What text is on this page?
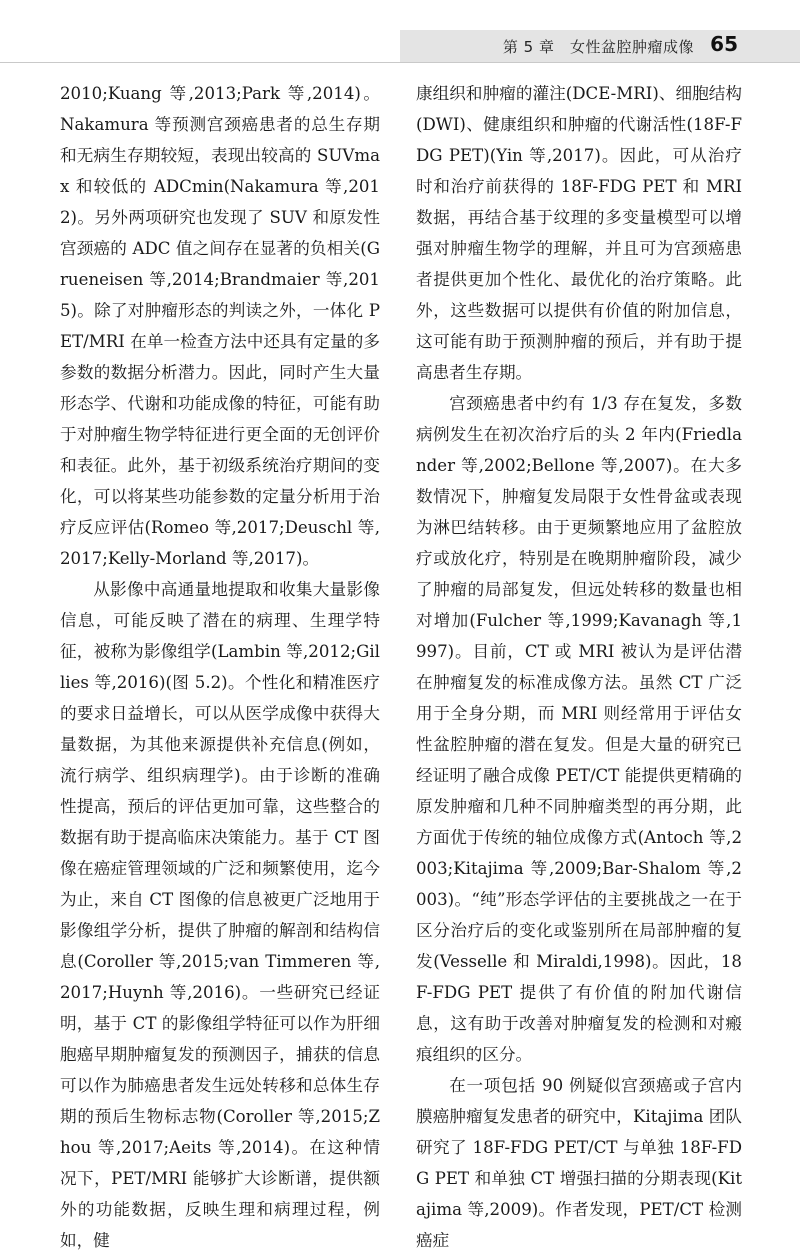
第 5 章　女性盆腔肿瘤成像 65

2010;Kuang 等,2013;Park 等,2014)。Nakamura 等预测宫颈癌患者的总生存期和无病生存期较短，表现出较高的 SUVmax 和较低的 ADCmin(Nakamura 等,2012)。另外两项研究也发现了 SUV 和原发性宫颈癌的 ADC 值之间存在显著的负相关(Grueneisen 等,2014;Brandmaier 等,2015)。除了对肿瘤形态的判读之外，一体化 PET/MRI 在单一检查方法中还具有定量的多参数的数据分析潜力。因此，同时产生大量形态学、代谢和功能成像的特征，可能有助于对肿瘤生物学特征进行更全面的无创评价和表征。此外，基于初级系统治疗期间的变化，可以将某些功能参数的定量分析用于治疗反应评估(Romeo 等,2017;Deuschl 等,2017;Kelly-Morland 等,2017)。

从影像中高通量地提取和收集大量影像信息，可能反映了潜在的病理、生理学特征，被称为影像组学(Lambin 等,2012;Gillies 等,2016)(图 5.2)。个性化和精准医疗的要求日益增长，可以从医学成像中获得大量数据，为其他来源提供补充信息(例如，流行病学、组织病理学)。由于诊断的准确性提高，预后的评估更加可靠，这些整合的数据有助于提高临床决策能力。基于 CT 图像在癌症管理领域的广泛和频繁使用，迄今为止，来自 CT 图像的信息被更广泛地用于影像组学分析，提供了肿瘤的解剖和结构信息(Coroller 等,2015;van Timmeren 等,2017;Huynh 等,2016)。一些研究已经证明，基于 CT 的影像组学特征可以作为肝细胞癌早期肿瘤复发的预测因子，捕获的信息可以作为肺癌患者发生远处转移和总体生存期的预后生物标志物(Coroller 等,2015;Zhou 等,2017;Aeits 等,2014)。在这种情况下，PET/MRI 能够扩大诊断谱，提供额外的功能数据，反映生理和病理过程，例如，健

康组织和肿瘤的灌注(DCE-MRI)、细胞结构(DWI)、健康组织和肿瘤的代谢活性(18F-FDG PET)(Yin 等,2017)。因此，可从治疗时和治疗前获得的 18F-FDG PET 和 MRI 数据，再结合基于纹理的多变量模型可以增强对肿瘤生物学的理解，并且可为宫颈癌患者提供更加个性化、最优化的治疗策略。此外，这些数据可以提供有价值的附加信息，这可能有助于预测肿瘤的预后，并有助于提高患者生存期。

宫颈癌患者中约有 1/3 存在复发，多数病例发生在初次治疗后的头 2 年内(Friedlander 等,2002;Bellone 等,2007)。在大多数情况下，肿瘤复发局限于女性骨盆或表现为淋巴结转移。由于更频繁地应用了盆腔放疗或放化疗，特别是在晚期肿瘤阶段，减少了肿瘤的局部复发，但远处转移的数量也相对增加(Fulcher 等,1999;Kavanagh 等,1997)。目前，CT 或 MRI 被认为是评估潜在肿瘤复发的标准成像方法。虽然 CT 广泛用于全身分期，而 MRI 则经常用于评估女性盆腔肿瘤的潜在复发。但是大量的研究已经证明了融合成像 PET/CT 能提供更精确的原发肿瘤和几种不同肿瘤类型的再分期，此方面优于传统的轴位成像方式(Antoch 等,2003;Kitajima 等,2009;Bar-Shalom 等,2003)。“纯”形态学评估的主要挑战之一在于区分治疗后的变化或鉴别所在局部肿瘤的复发(Vesselle 和 Miraldi,1998)。因此，18F-FDG PET 提供了有价值的附加代谢信息，这有助于改善对肿瘤复发的检测和对瘢痕组织的区分。

在一项包括 90 例疑似宫颈癌或子宫内膜癌肿瘤复发患者的研究中，Kitajima 团队研究了 18F-FDG PET/CT 与单独 18F-FDG PET 和单独 CT 增强扫描的分期表现(Kitajima 等,2009)。作者发现，PET/CT 检测癌症
